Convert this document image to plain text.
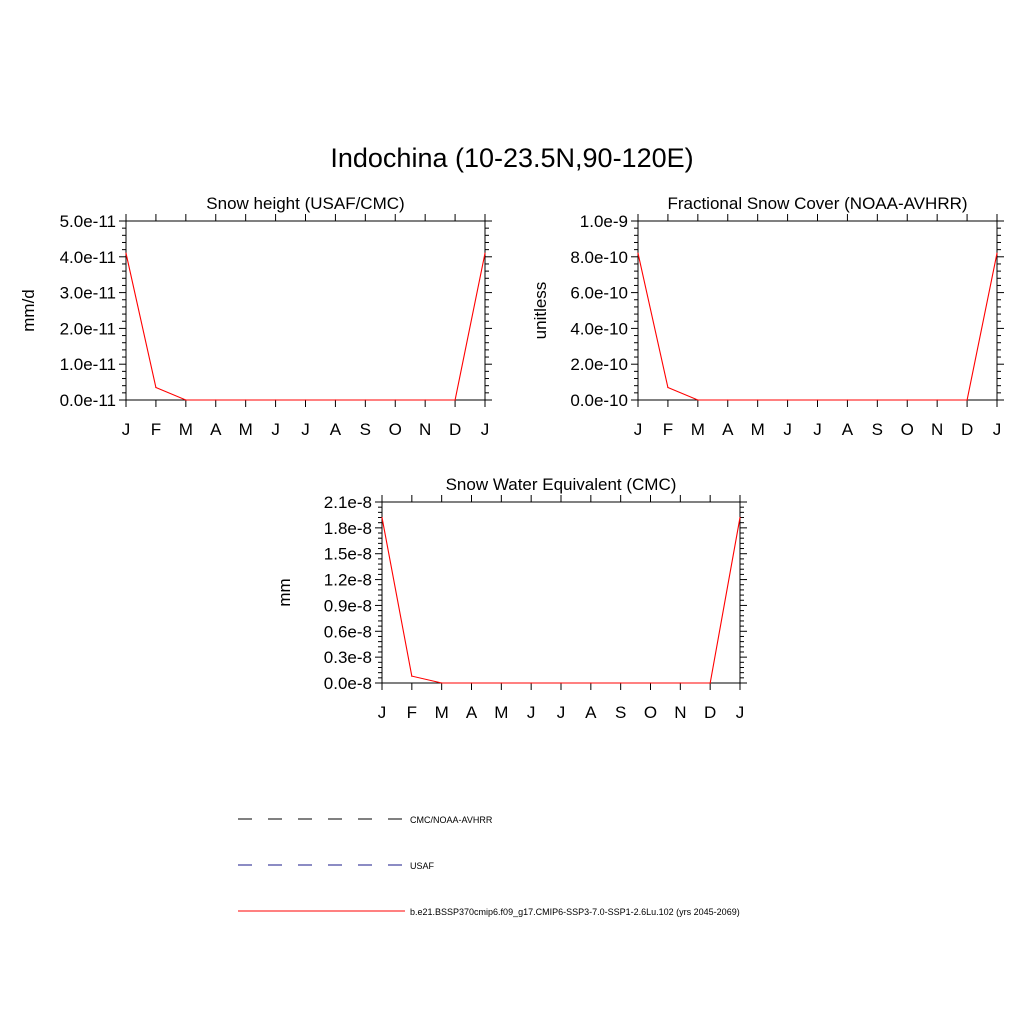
Indochina (10-23.5N,90-120E)
Snow height (USAF/CMC)
mm/d
0.0e-11
1.0e-11
2.0e-11
3.0e-11
4.0e-11
5.0e-11
J F M A M J J A S O N D J
Fractional Snow Cover (NOAA-AVHRR)
unitless
0.0e-10
2.0e-10
4.0e-10
6.0e-10
8.0e-10
1.0e-9
J F M A M J J A S O N D J
Snow Water Equivalent (CMC)
mm
0.0e-8
0.3e-8
0.6e-8
0.9e-8
1.2e-8
1.5e-8
1.8e-8
2.1e-8
J F M A M J J A S O N D J
CMC/NOAA-AVHRR
USAF
b.e21.BSSP370cmip6.f09_g17.CMIP6-SSP3-7.0-SSP1-2.6Lu.102 (yrs 2045-2069)
